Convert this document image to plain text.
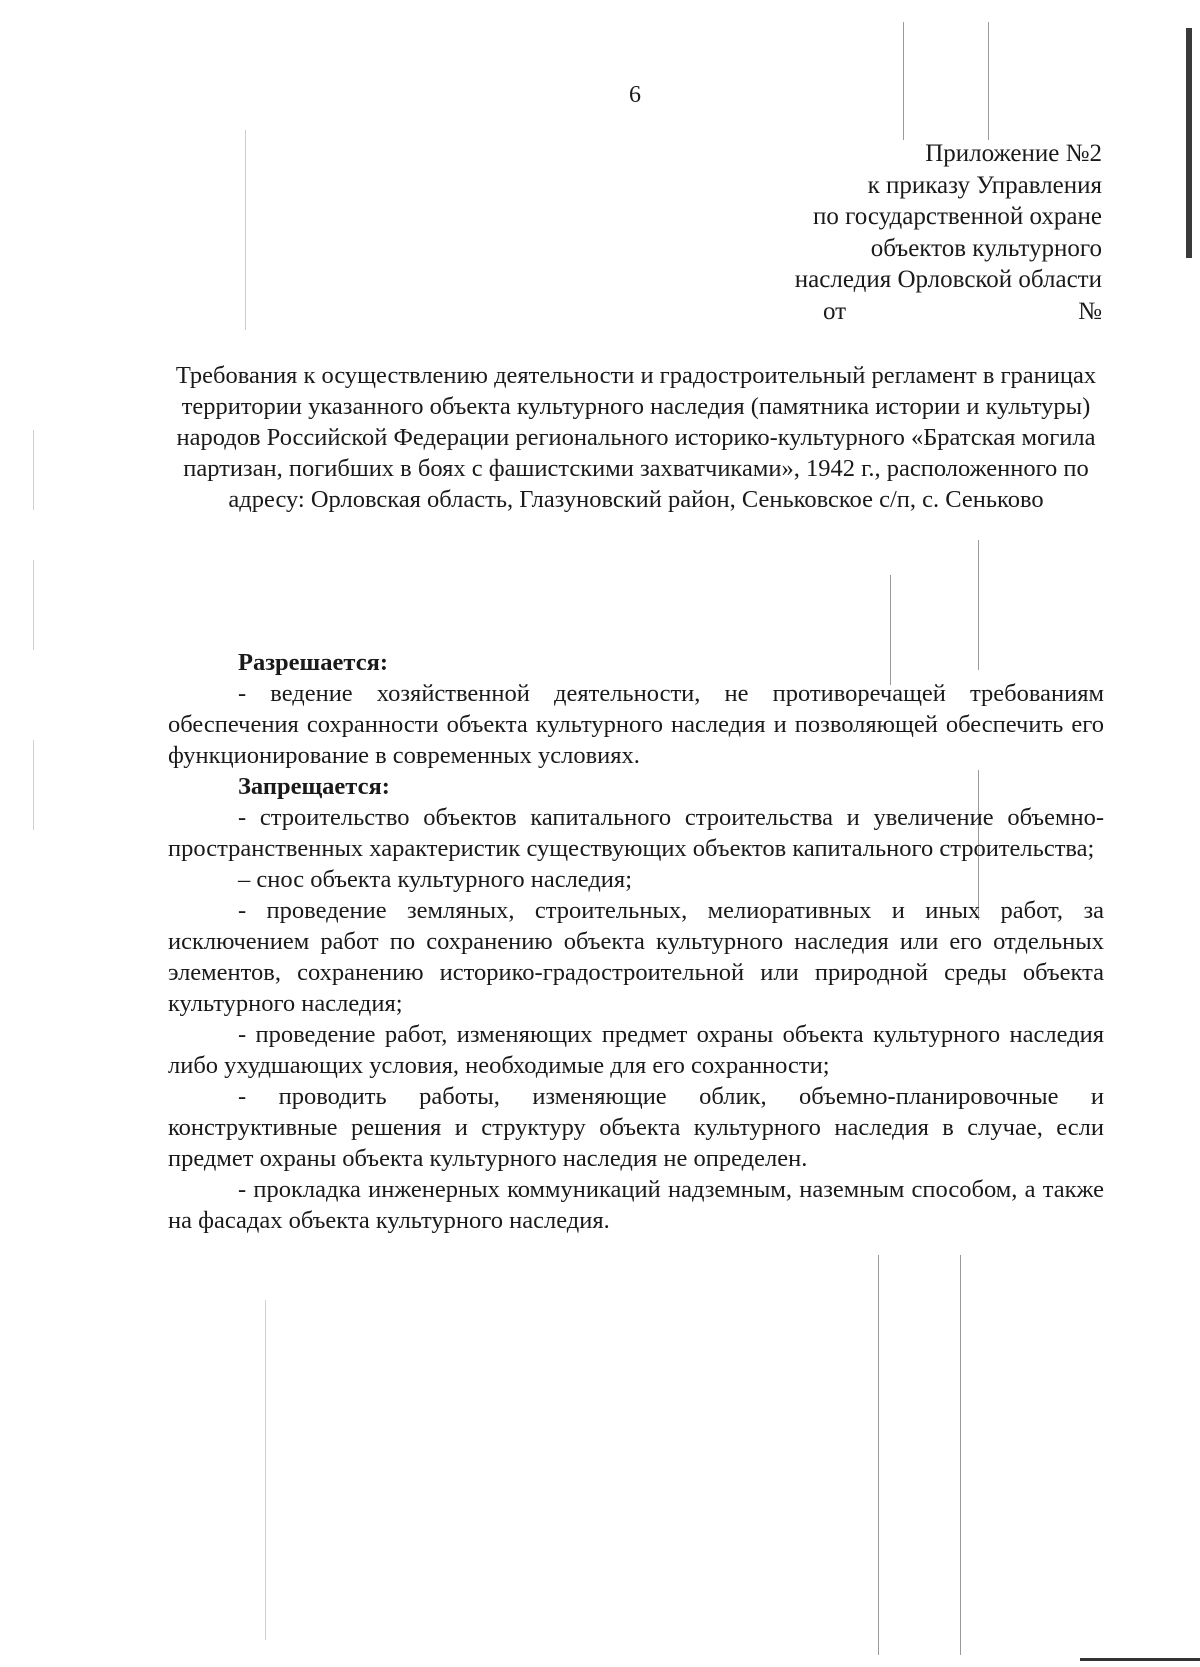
6
Приложение №2
к приказу Управления
по государственной охране
объектов культурного
наследия Орловской области
от	№
Требования к осуществлению деятельности и градостроительный регламент в границах территории указанного объекта культурного наследия (памятника истории и культуры) народов Российской Федерации регионального историко-культурного «Братская могила партизан, погибших в боях с фашистскими захватчиками», 1942 г., расположенного по адресу: Орловская область, Глазуновский район, Сеньковское с/п, с. Сеньково

Разрешается:

- ведение хозяйственной деятельности, не противоречащей требованиям обеспечения сохранности объекта культурного наследия и позволяющей обеспечить его функционирование в современных условиях.

Запрещается:

- строительство объектов капитального строительства и увеличение объемно-пространственных характеристик существующих объектов капитального строительства;

– снос объекта культурного наследия;

- проведение земляных, строительных, мелиоративных и иных работ, за исключением работ по сохранению объекта культурного наследия или его отдельных элементов, сохранению историко-градостроительной или природной среды объекта культурного наследия;

- проведение работ, изменяющих предмет охраны объекта культурного наследия либо ухудшающих условия, необходимые для его сохранности;

- проводить работы, изменяющие облик, объемно-планировочные и конструктивные решения и структуру объекта культурного наследия в случае, если предмет охраны объекта культурного наследия не определен.

- прокладка инженерных коммуникаций надземным, наземным способом, а также на фасадах объекта культурного наследия.
